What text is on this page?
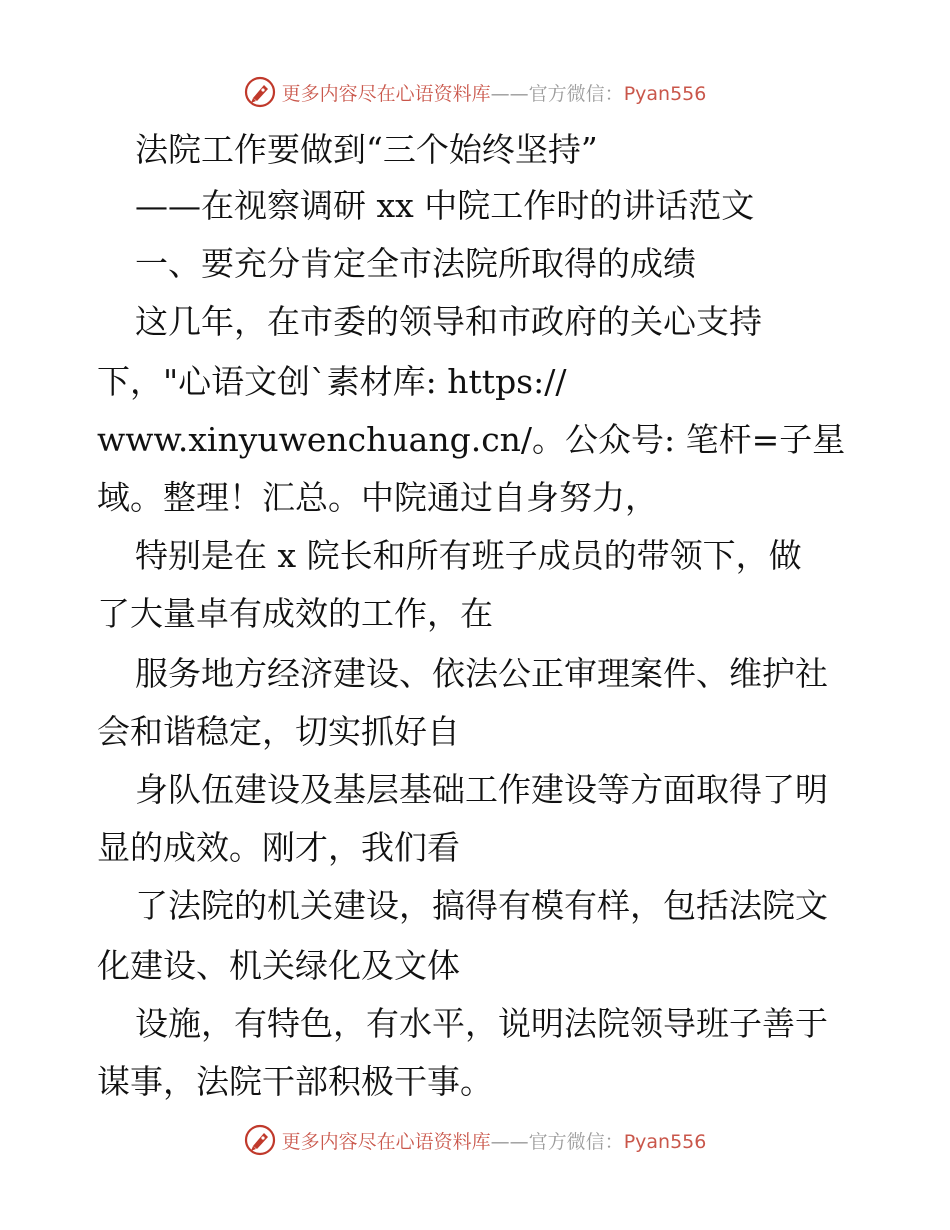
更多内容尽在心语资料库——官方微信：Pyan556
法院工作要做到“三个始终坚持”
——在视察调研 xx 中院工作时的讲话范文
一、要充分肯定全市法院所取得的成绩
这几年，在市委的领导和市政府的关心支持
下，"心语文创`素材库: https://
www.xinyuwenchuang.cn/。公众号: 笔杆=子星
域。整理！汇总。中院通过自身努力，
特别是在 x 院长和所有班子成员的带领下，做
了大量卓有成效的工作，在
服务地方经济建设、依法公正审理案件、维护社
会和谐稳定，切实抓好自
身队伍建设及基层基础工作建设等方面取得了明
显的成效。刚才，我们看
了法院的机关建设，搞得有模有样，包括法院文
化建设、机关绿化及文体
设施，有特色，有水平，说明法院领导班子善于
谋事，法院干部积极干事。
更多内容尽在心语资料库——官方微信：Pyan556
